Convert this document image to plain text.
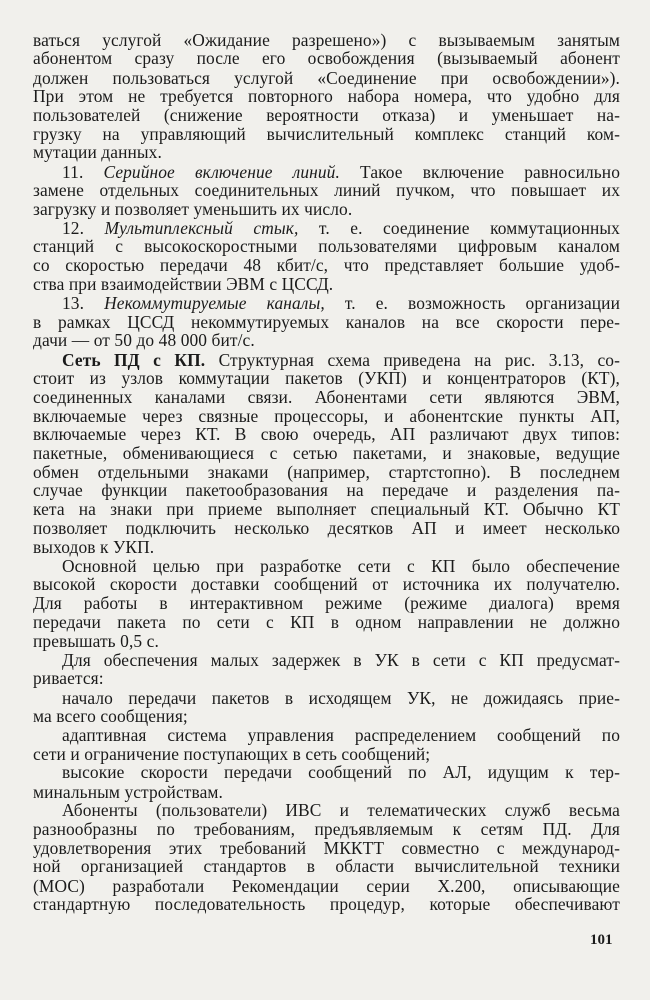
ваться услугой «Ожидание разрешено») с вызываемым занятым
абонентом сразу после его освобождения (вызываемый абонент
должен пользоваться услугой «Соединение при освобождении»).
При этом не требуется повторного набора номера, что удобно для
пользователей (снижение вероятности отказа) и уменьшает на-
грузку на управляющий вычислительный комплекс станций ком-
мутации данных.
11. Серийное включение линий. Такое включение равносильно
замене отдельных соединительных линий пучком, что повышает их
загрузку и позволяет уменьшить их число.
12. Мультиплексный стык, т. е. соединение коммутационных
станций с высокоскоростными пользователями цифровым каналом
со скоростью передачи 48 кбит/с, что представляет большие удоб-
ства при взаимодействии ЭВМ с ЦССД.
13. Некоммутируемые каналы, т. е. возможность организации
в рамках ЦССД некоммутируемых каналов на все скорости пере-
дачи — от 50 до 48 000 бит/с.
Сеть ПД с КП. Структурная схема приведена на рис. 3.13, со-
стоит из узлов коммутации пакетов (УКП) и концентраторов (КТ),
соединенных каналами связи. Абонентами сети являются ЭВМ,
включаемые через связные процессоры, и абонентские пункты АП,
включаемые через КТ. В свою очередь, АП различают двух типов:
пакетные, обменивающиеся с сетью пакетами, и знаковые, ведущие
обмен отдельными знаками (например, стартстопно). В последнем
случае функции пакетообразования на передаче и разделения па-
кета на знаки при приеме выполняет специальный КТ. Обычно КТ
позволяет подключить несколько десятков АП и имеет несколько
выходов к УКП.
Основной целью при разработке сети с КП было обеспечение
высокой скорости доставки сообщений от источника их получателю.
Для работы в интерактивном режиме (режиме диалога) время
передачи пакета по сети с КП в одном направлении не должно
превышать 0,5 с.
Для обеспечения малых задержек в УК в сети с КП предусмат-
ривается:
начало передачи пакетов в исходящем УК, не дожидаясь прие-
ма всего сообщения;
адаптивная система управления распределением сообщений по
сети и ограничение поступающих в сеть сообщений;
высокие скорости передачи сообщений по АЛ, идущим к тер-
минальным устройствам.
Абоненты (пользователи) ИВС и телематических служб весьма
разнообразны по требованиям, предъявляемым к сетям ПД. Для
удовлетворения этих требований МККТТ совместно с международ-
ной организацией стандартов в области вычислительной техники
(МОС) разработали Рекомендации серии Х.200, описывающие
стандартную последовательность процедур, которые обеспечивают
101
